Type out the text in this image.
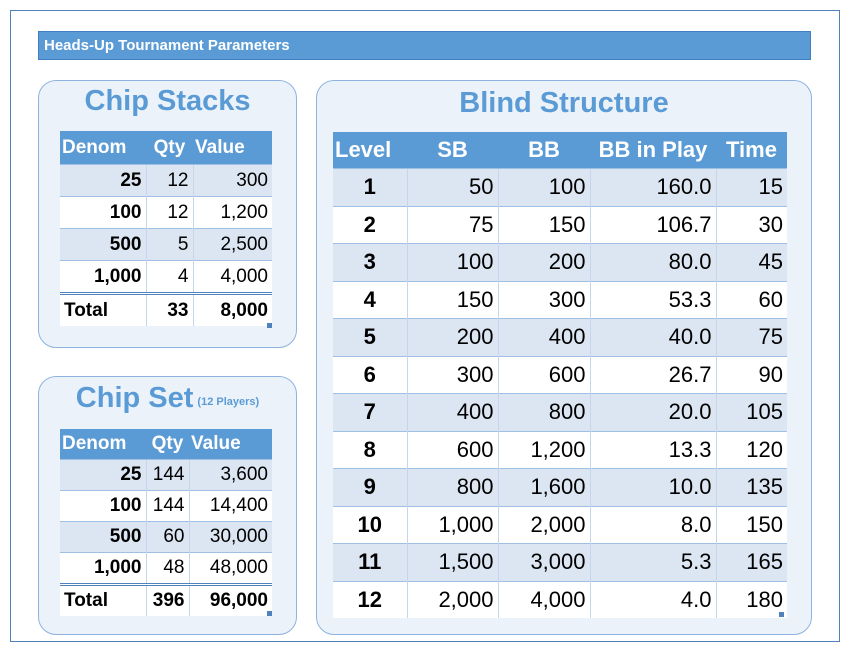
Heads-Up Tournament Parameters
Chip Stacks
Denom	Qty	Value
25	12	300
100	12	1,200
500	5	2,500
1,000	4	4,000
Total	33	8,000
Chip Set (12 Players)
Denom	Qty	Value
25	144	3,600
100	144	14,400
500	60	30,000
1,000	48	48,000
Total	396	96,000
Blind Structure
Level	SB	BB	BB in Play	Time
1	50	100	160.0	15
2	75	150	106.7	30
3	100	200	80.0	45
4	150	300	53.3	60
5	200	400	40.0	75
6	300	600	26.7	90
7	400	800	20.0	105
8	600	1,200	13.3	120
9	800	1,600	10.0	135
10	1,000	2,000	8.0	150
11	1,500	3,000	5.3	165
12	2,000	4,000	4.0	180
